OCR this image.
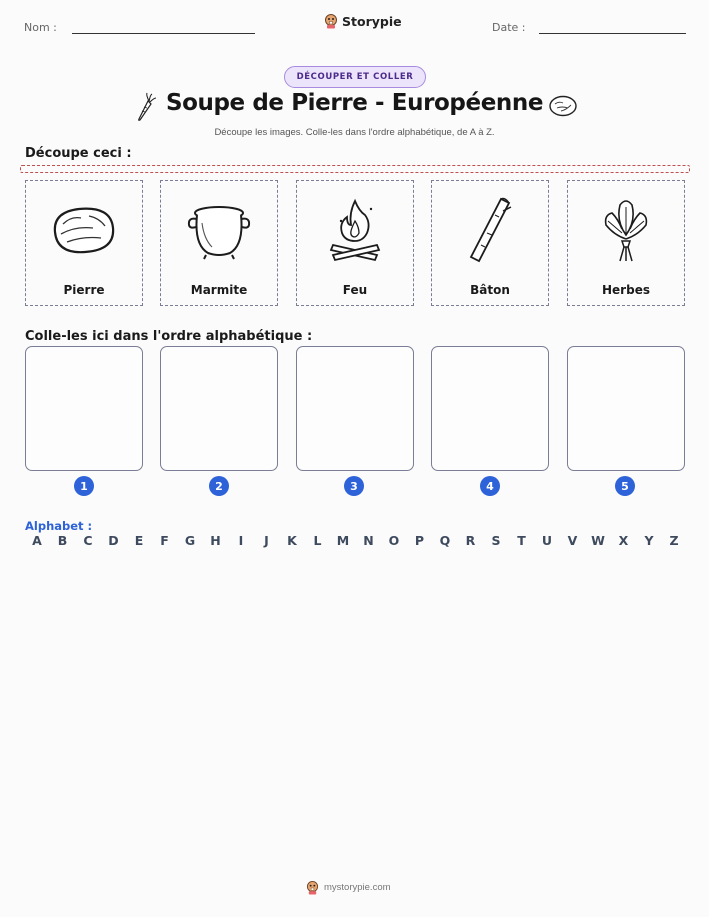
Nom :	Storypie	Date :
DÉCOUPER ET COLLER
Soupe de Pierre - Européenne
Découpe les images. Colle-les dans l'ordre alphabétique, de A à Z.
Découpe ceci :
Pierre	Marmite	Feu	Bâton	Herbes
Colle-les ici dans l'ordre alphabétique :
1	2	3	4	5
Alphabet :
A	B	C	D	E	F	G	H	I	J	K	L	M	N	O	P	Q	R	S	T	U	V	W	X	Y	Z
mystorypie.com
